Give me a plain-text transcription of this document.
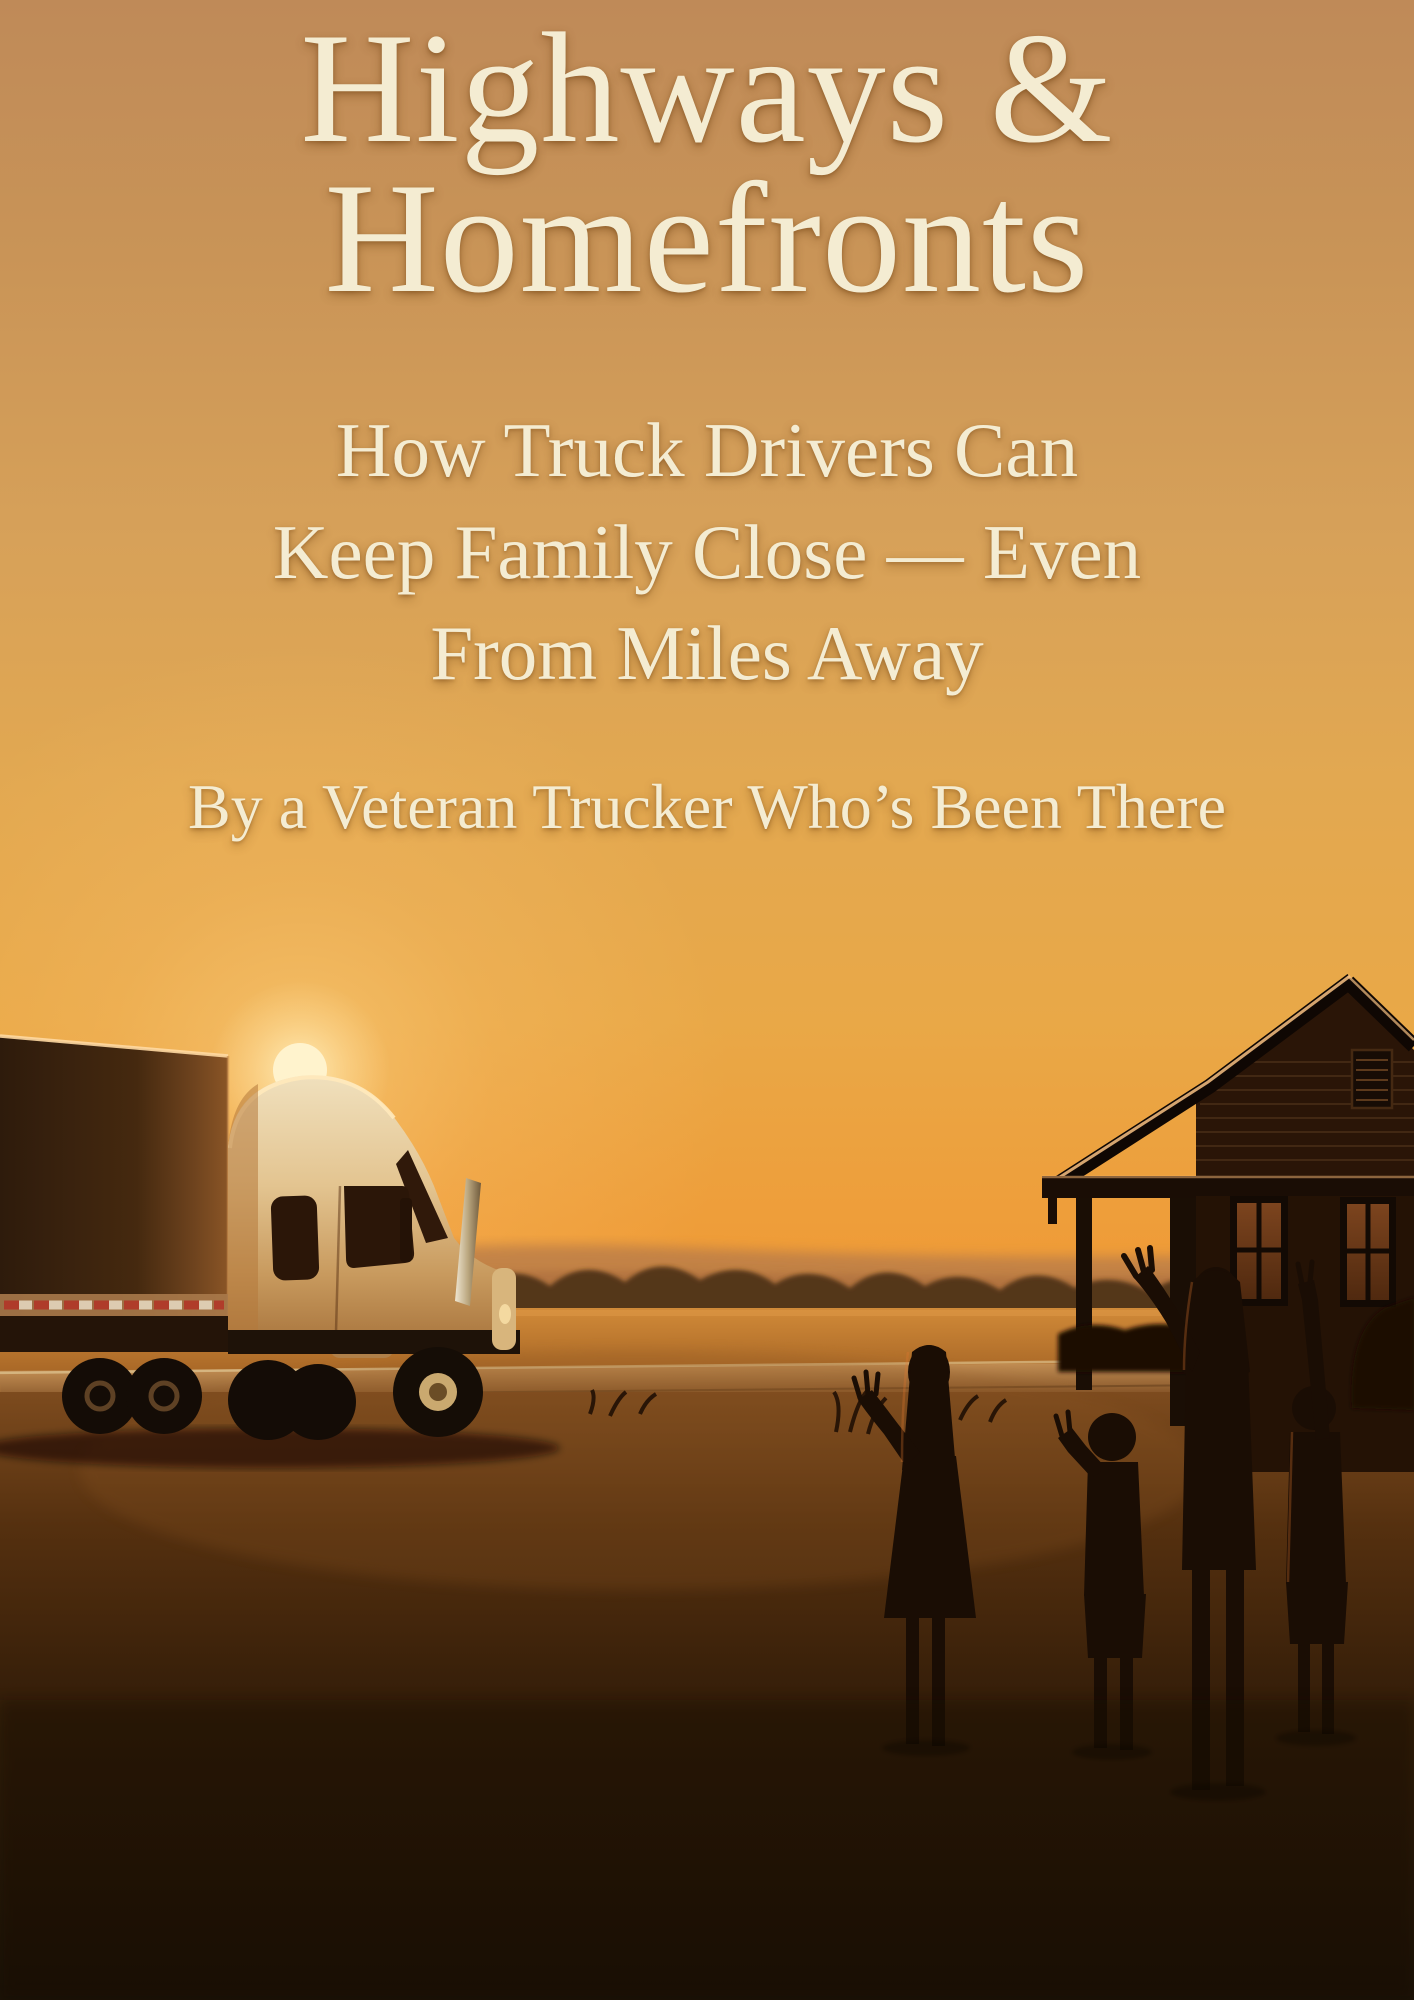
Highways &
Homefronts
How Truck Drivers Can
Keep Family Close — Even
From Miles Away
By a Veteran Trucker Who’s Been There
